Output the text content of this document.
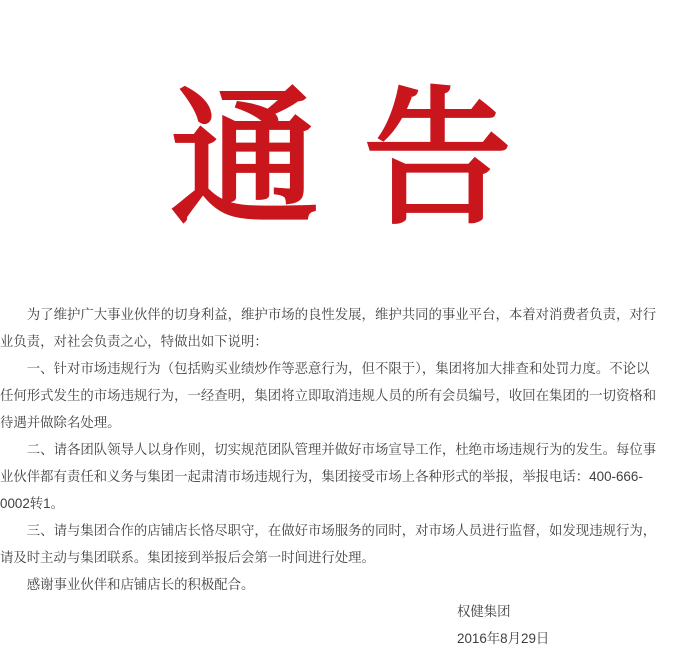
通 告

为了维护广大事业伙伴的切身利益，维护市场的良性发展，维护共同的事业平台，本着对消费者负责，对行业负责，对社会负责之心，特做出如下说明：

一、针对市场违规行为（包括购买业绩炒作等恶意行为，但不限于），集团将加大排查和处罚力度。不论以任何形式发生的市场违规行为，一经查明，集团将立即取消违规人员的所有会员编号，收回在集团的一切资格和待遇并做除名处理。

二、请各团队领导人以身作则，切实规范团队管理并做好市场宣导工作，杜绝市场违规行为的发生。每位事业伙伴都有责任和义务与集团一起肃清市场违规行为，集团接受市场上各种形式的举报，举报电话：400-666-0002转1。

三、请与集团合作的店铺店长恪尽职守，在做好市场服务的同时，对市场人员进行监督，如发现违规行为，请及时主动与集团联系。集团接到举报后会第一时间进行处理。

感谢事业伙伴和店铺店长的积极配合。

权健集团

2016年8月29日
